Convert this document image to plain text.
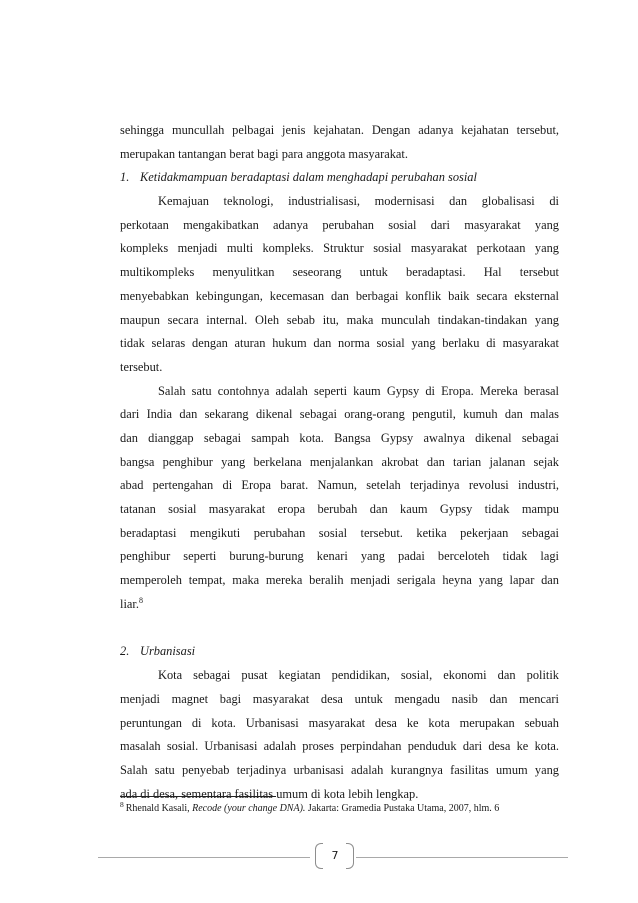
sehingga muncullah pelbagai jenis kejahatan. Dengan adanya kejahatan tersebut,
merupakan tantangan berat bagi para anggota masyarakat.
1. Ketidakmampuan beradaptasi dalam menghadapi perubahan sosial
Kemajuan teknologi, industrialisasi, modernisasi dan globalisasi di
perkotaan mengakibatkan adanya perubahan sosial dari masyarakat yang
kompleks menjadi multi kompleks. Struktur sosial masyarakat perkotaan yang
multikompleks menyulitkan seseorang untuk beradaptasi. Hal tersebut
menyebabkan kebingungan, kecemasan dan berbagai konflik baik secara eksternal
maupun secara internal. Oleh sebab itu, maka munculah tindakan-tindakan yang
tidak selaras dengan aturan hukum dan norma sosial yang berlaku di masyarakat
tersebut.
Salah satu contohnya adalah seperti kaum Gypsy di Eropa. Mereka berasal
dari India dan sekarang dikenal sebagai orang-orang pengutil, kumuh dan malas
dan dianggap sebagai sampah kota. Bangsa Gypsy awalnya dikenal sebagai
bangsa penghibur yang berkelana menjalankan akrobat dan tarian jalanan sejak
abad pertengahan di Eropa barat. Namun, setelah terjadinya revolusi industri,
tatanan sosial masyarakat eropa berubah dan kaum Gypsy tidak mampu
beradaptasi mengikuti perubahan sosial tersebut. ketika pekerjaan sebagai
penghibur seperti burung-burung kenari yang padai berceloteh tidak lagi
memperoleh tempat, maka mereka beralih menjadi serigala heyna yang lapar dan
liar.$^8$
2. Urbanisasi
Kota sebagai pusat kegiatan pendidikan, sosial, ekonomi dan politik
menjadi magnet bagi masyarakat desa untuk mengadu nasib dan mencari
peruntungan di kota. Urbanisasi masyarakat desa ke kota merupakan sebuah
masalah sosial. Urbanisasi adalah proses perpindahan penduduk dari desa ke kota.
Salah satu penyebab terjadinya urbanisasi adalah kurangnya fasilitas umum yang
ada di desa, sementara fasilitas umum di kota lebih lengkap.
$^8$ Rhenald Kasali, Recode (your change DNA). Jakarta: Gramedia Pustaka Utama, 2007, hlm. 6
7
